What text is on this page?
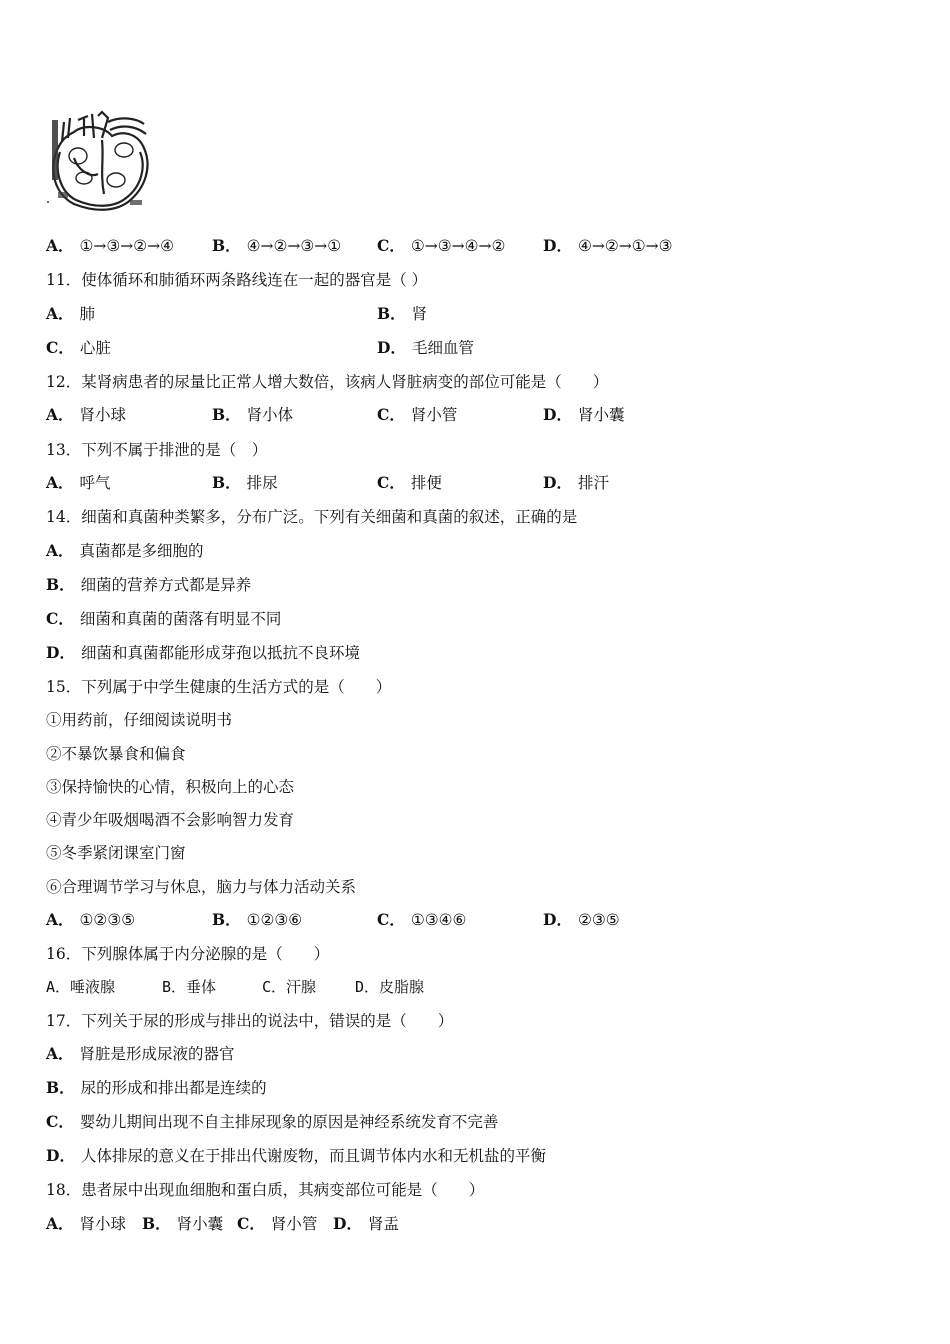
A． ①→③→②→④ B． ④→②→③→① C． ①→③→④→② D． ④→②→①→③
11．使体循环和肺循环两条路线连在一起的器官是（ ）
A． 肺	B． 肾
C． 心脏	D． 毛细血管
12．某肾病患者的尿量比正常人增大数倍，该病人肾脏病变的部位可能是（　　）
A． 肾小球	B． 肾小体	C． 肾小管	D． 肾小囊
13．下列不属于排泄的是（　）
A． 呼气	B． 排尿	C． 排便	D． 排汗
14．细菌和真菌种类繁多，分布广泛。下列有关细菌和真菌的叙述，正确的是
A． 真菌都是多细胞的
B． 细菌的营养方式都是异养
C． 细菌和真菌的菌落有明显不同
D． 细菌和真菌都能形成芽孢以抵抗不良环境
15．下列属于中学生健康的生活方式的是（　　）
①用药前，仔细阅读说明书
②不暴饮暴食和偏食
③保持愉快的心情，积极向上的心态
④青少年吸烟喝酒不会影响智力发育
⑤冬季紧闭课室门窗
⑥合理调节学习与休息，脑力与体力活动关系
A． ①②③⑤	B． ①②③⑥	C． ①③④⑥	D． ②③⑤
16．下列腺体属于内分泌腺的是（　　）
A．唾液腺	B．垂体	C．汗腺	D．皮脂腺
17．下列关于尿的形成与排出的说法中，错误的是（　　）
A． 肾脏是形成尿液的器官
B． 尿的形成和排出都是连续的
C． 婴幼儿期间出现不自主排尿现象的原因是神经系统发育不完善
D． 人体排尿的意义在于排出代谢废物，而且调节体内水和无机盐的平衡
18．患者尿中出现血细胞和蛋白质，其病变部位可能是（　　）
A． 肾小球 B． 肾小囊 C． 肾小管 D． 肾盂
